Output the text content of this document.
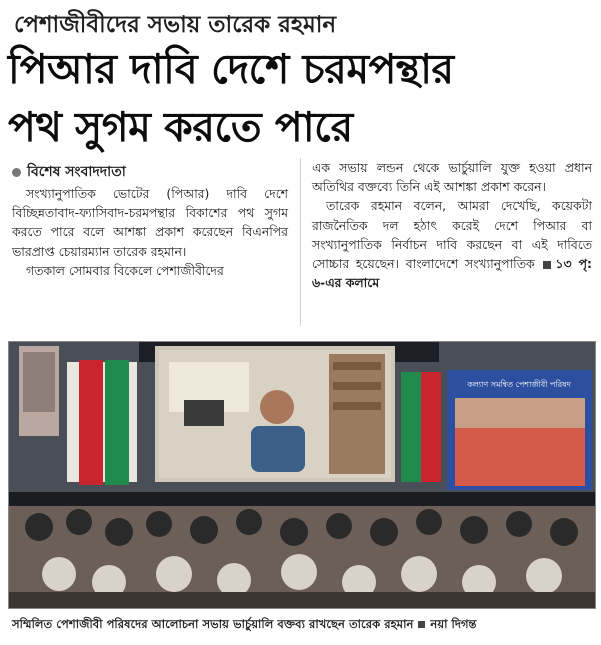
পেশাজীবীদের সভায় তারেক রহমান
পিআর দাবি দেশে চরমপন্থার
পথ সুগম করতে পারে
বিশেষ সংবাদদাতা

সংখ্যানুপাতিক ভোটের (পিআর) দাবি দেশে বিচ্ছিন্নতাবাদ-ফ্যাসিবাদ-চরমপন্থার বিকাশের পথ সুগম করতে পারে বলে আশঙ্কা প্রকাশ করেছেন বিএনপির ভারপ্রাপ্ত চেয়ারম্যান তারেক রহমান।

গতকাল সোমবার বিকেলে পেশাজীবীদের

এক সভায় লন্ডন থেকে ভার্চুয়ালি যুক্ত হওয়া প্রধান অতিথির বক্তব্যে তিনি এই আশঙ্কা প্রকাশ করেন।

তারেক রহমান বলেন, আমরা দেখেছি, কয়েকটা রাজনৈতিক দল হঠাৎ করেই দেশে পিআর বা সংখ্যানুপাতিক নির্বাচন দাবি করছেন বা এই দাবিতে সোচ্চার হয়েছেন। বাংলাদেশে সংখ্যানুপাতিক ১৩ পৃ: ৬-এর কলামে

কল্যাণ সমন্বিত পেশাজীবী পরিষদ
সম্মিলিত পেশাজীবী পরিষদের আলোচনা সভায় ভার্চুয়ালি বক্তব্য রাখছেন তারেক রহমান নয়া দিগন্ত
